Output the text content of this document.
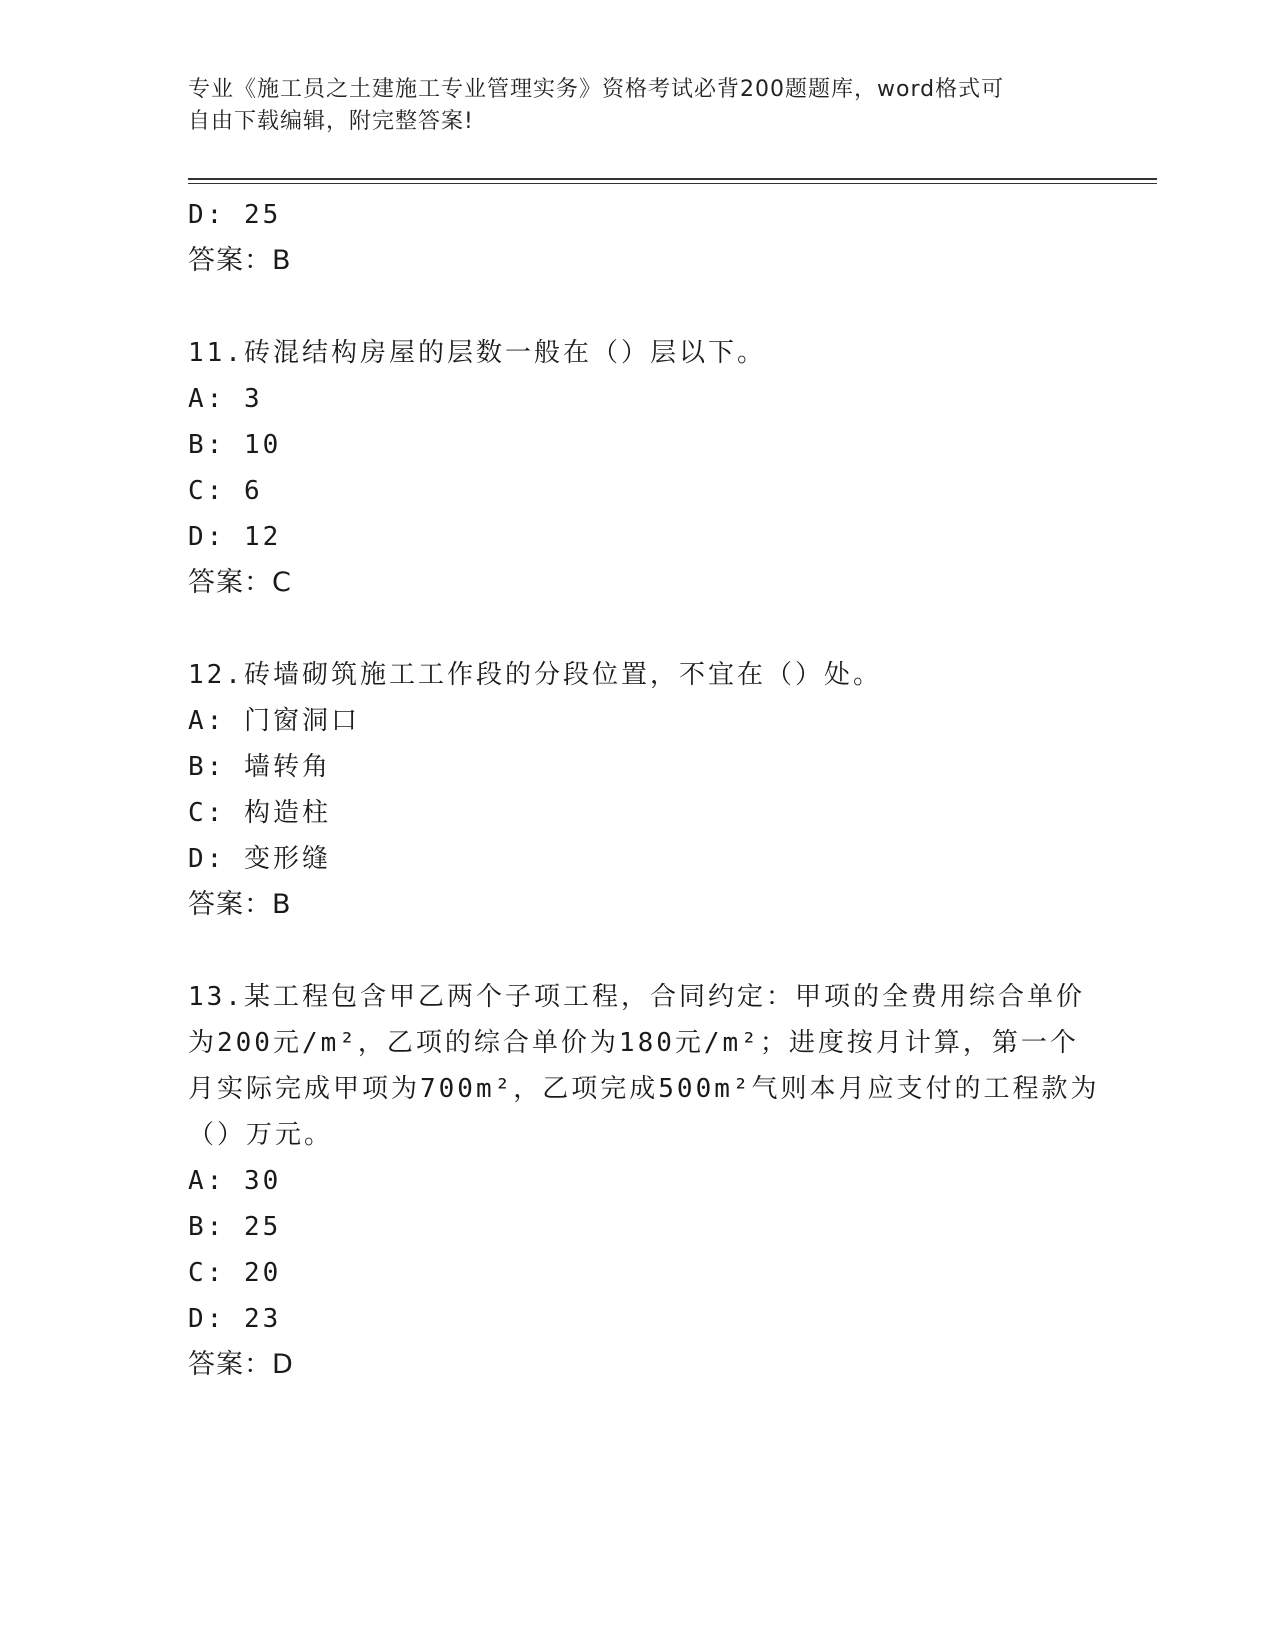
专业《施工员之土建施工专业管理实务》资格考试必背200题题库，word格式可
自由下载编辑，附完整答案!
D: 25
答案：B
11.砖混结构房屋的层数一般在（）层以下。
A: 3
B: 10
C: 6
D: 12
答案：C
12.砖墙砌筑施工工作段的分段位置，不宜在（）处。
A: 门窗洞口
B: 墙转角
C: 构造柱
D: 变形缝
答案：B
13.某工程包含甲乙两个子项工程，合同约定：甲项的全费用综合单价
为200元/m²，乙项的综合单价为180元/m²；进度按月计算，第一个
月实际完成甲项为700m²，乙项完成500m²气则本月应支付的工程款为
（）万元。
A: 30
B: 25
C: 20
D: 23
答案：D
